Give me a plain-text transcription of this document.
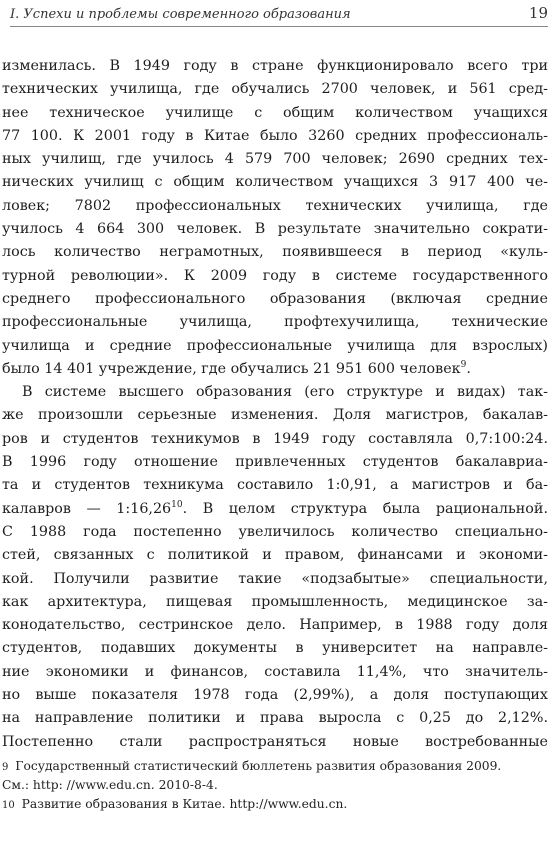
I. Успехи и проблемы современного образования	19
изменилась. В 1949 году в стране функционировало всего три
технических училища, где обучались 2700 человек, и 561 сред-
нее техническое училище с общим количеством учащихся
77 100. К 2001 году в Китае было 3260 средних профессиональ-
ных училищ, где училось 4 579 700 человек; 2690 средних тех-
нических училищ с общим количеством учащихся 3 917 400 че-
ловек; 7802 профессиональных технических училища, где
училось 4 664 300 человек. В результате значительно сократи-
лось количество неграмотных, появившееся в период «куль-
турной революции». К 2009 году в системе государственного
среднего профессионального образования (включая средние
профессиональные училища, профтехучилища, технические
училища и средние профессиональные училища для взрослых)
было 14 401 учреждение, где обучались 21 951 600 человек$^9$.
В системе высшего образования (его структуре и видах) так-
же произошли серьезные изменения. Доля магистров, бакалав-
ров и студентов техникумов в 1949 году составляла 0,7:100:24.
В 1996 году отношение привлеченных студентов бакалавриа-
та и студентов техникума составило 1:0,91, а магистров и ба-
калавров — 1:16,26$^{10}$. В целом структура была рациональной.
С 1988 года постепенно увеличилось количество специально-
стей, связанных с политикой и правом, финансами и экономи-
кой. Получили развитие такие «подзабытые» специальности,
как архитектура, пищевая промышленность, медицинское за-
конодательство, сестринское дело. Например, в 1988 году доля
студентов, подавших документы в университет на направле-
ние экономики и финансов, составила 11,4%, что значитель-
но выше показателя 1978 года (2,99%), а доля поступающих
на направление политики и права выросла с 0,25 до 2,12%.
Постепенно стали распространяться новые востребованные
9 Государственный статистический бюллетень развития образования 2009.
См.: http: //www.edu.cn. 2010-8-4.
10 Развитие образования в Китае. http://www.edu.cn.
